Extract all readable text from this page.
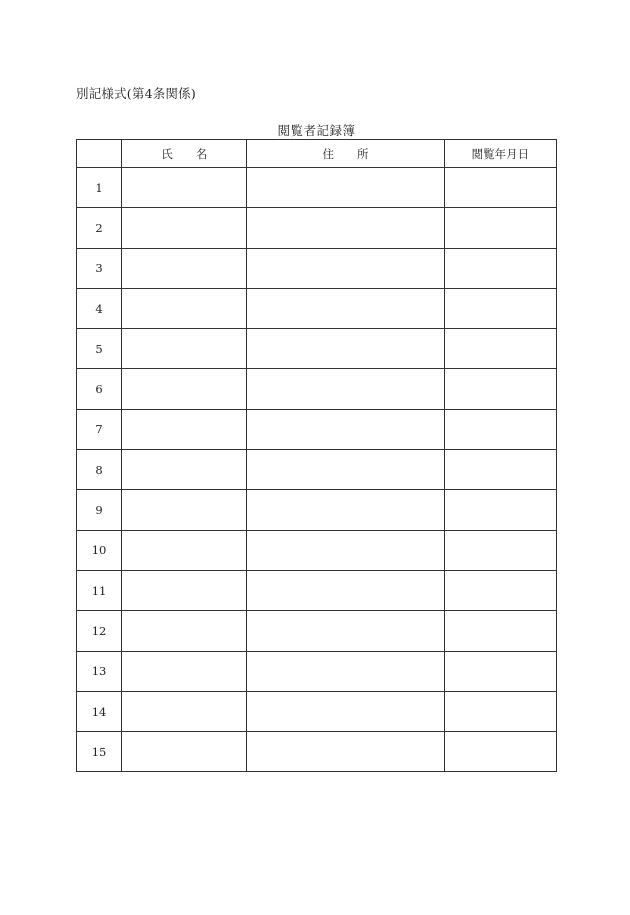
別記様式(第4条関係)
閲覧者記録簿
	氏　　名	住　　所	閲覧年月日
1			
2			
3			
4			
5			
6			
7			
8			
9			
10			
11			
12			
13			
14			
15			
